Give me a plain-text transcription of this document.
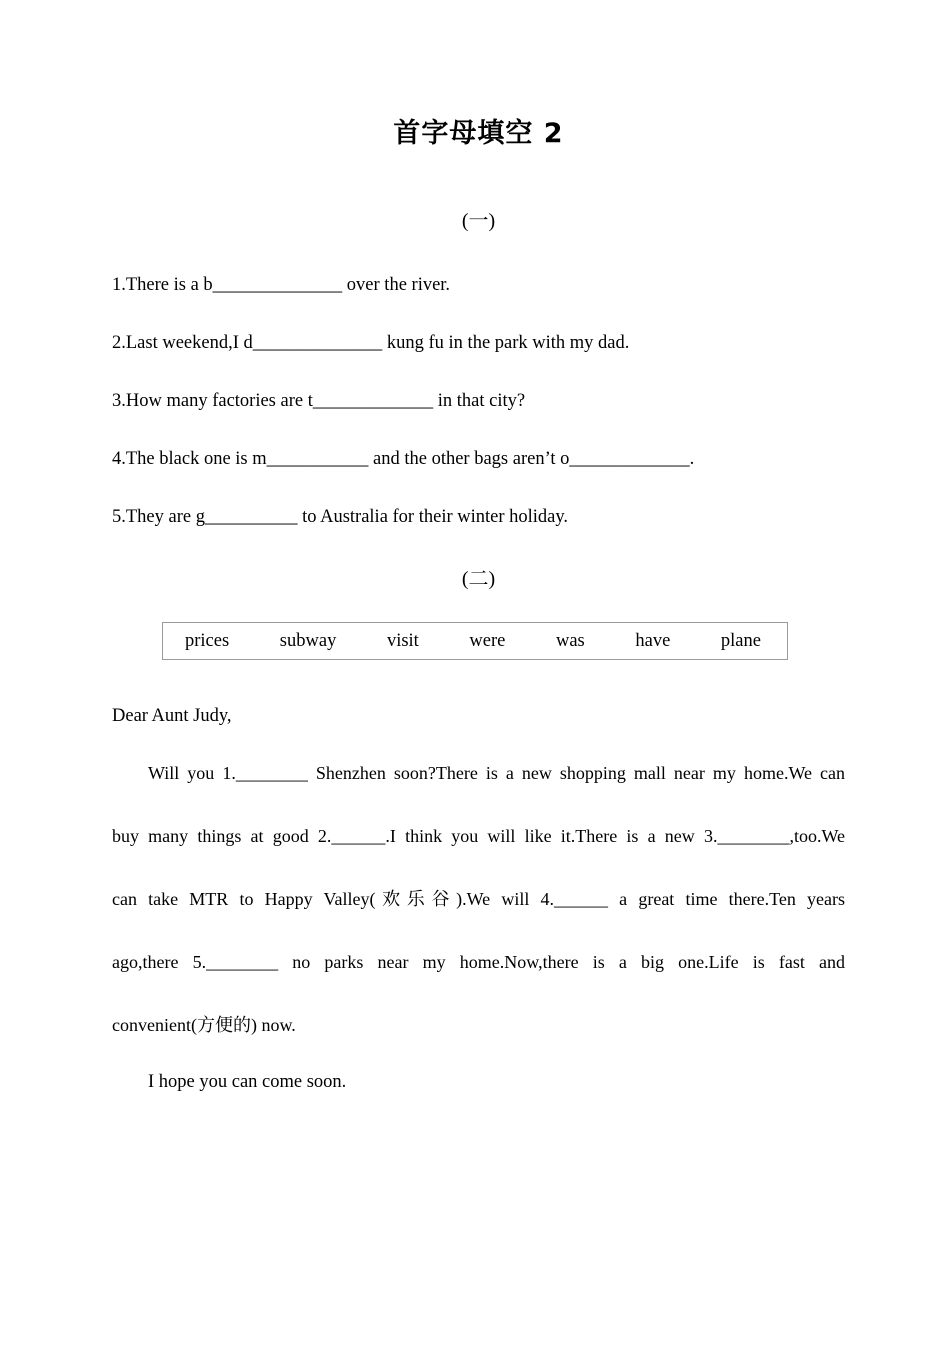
首字母填空 2
(一)
1.There is a b______________ over the river.
2.Last weekend,I d______________ kung fu in the park with my dad.
3.How many factories are t_____________ in that city?
4.The black one is m___________ and the other bags aren’t o_____________.
5.They are g__________ to Australia for their winter holiday.
(二)
prices	subway	visit	were	was	have	plane
Dear Aunt Judy,
Will you 1.________ Shenzhen soon?There is a new shopping mall near my home.We can
buy many things at good 2.______.I think you will like it.There is a new 3.________,too.We
can take MTR to Happy Valley(欢乐谷).We will 4.______ a great time there.Ten years
ago,there 5.________ no parks near my home.Now,there is a big one.Life is fast and
convenient(方便的) now.
I hope you can come soon.
